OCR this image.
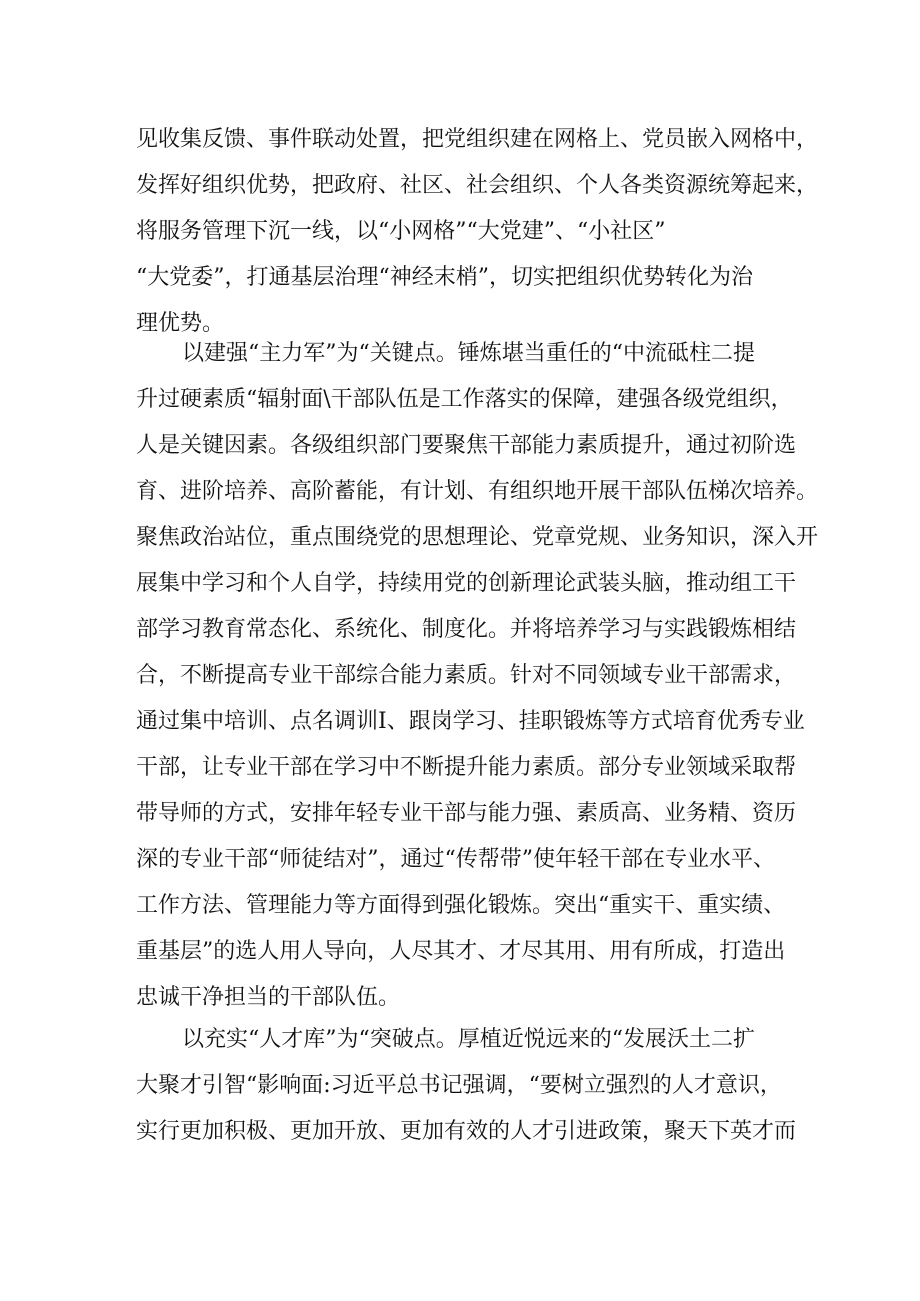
见收集反馈、事件联动处置，把党组织建在网格上、党员嵌入网格中，
发挥好组织优势，把政府、社区、社会组织、个人各类资源统筹起来，
将服务管理下沉一线，以“小网格”“大党建”、“小社区”
“大党委”，打通基层治理“神经末梢”，切实把组织优势转化为治
理优势。
以建强“主力军”为“关键点。锤炼堪当重任的“中流砥柱二提
升过硬素质“辐射面\干部队伍是工作落实的保障，建强各级党组织，
人是关键因素。各级组织部门要聚焦干部能力素质提升，通过初阶选
育、进阶培养、高阶蓄能，有计划、有组织地开展干部队伍梯次培养。
聚焦政治站位，重点围绕党的思想理论、党章党规、业务知识，深入开
展集中学习和个人自学，持续用党的创新理论武装头脑，推动组工干
部学习教育常态化、系统化、制度化。并将培养学习与实践锻炼相结
合，不断提高专业干部综合能力素质。针对不同领域专业干部需求，
通过集中培训、点名调训Ⅰ、跟岗学习、挂职锻炼等方式培育优秀专业
干部，让专业干部在学习中不断提升能力素质。部分专业领域采取帮
带导师的方式，安排年轻专业干部与能力强、素质高、业务精、资历
深的专业干部“师徒结对”，通过“传帮带”使年轻干部在专业水平、
工作方法、管理能力等方面得到强化锻炼。突出“重实干、重实绩、
重基层”的选人用人导向，人尽其才、才尽其用、用有所成，打造出
忠诚干净担当的干部队伍。
以充实“人才库”为“突破点。厚植近悦远来的“发展沃土二扩
大聚才引智“影响面:习近平总书记强调，“要树立强烈的人才意识，
实行更加积极、更加开放、更加有效的人才引进政策，聚天下英才而
